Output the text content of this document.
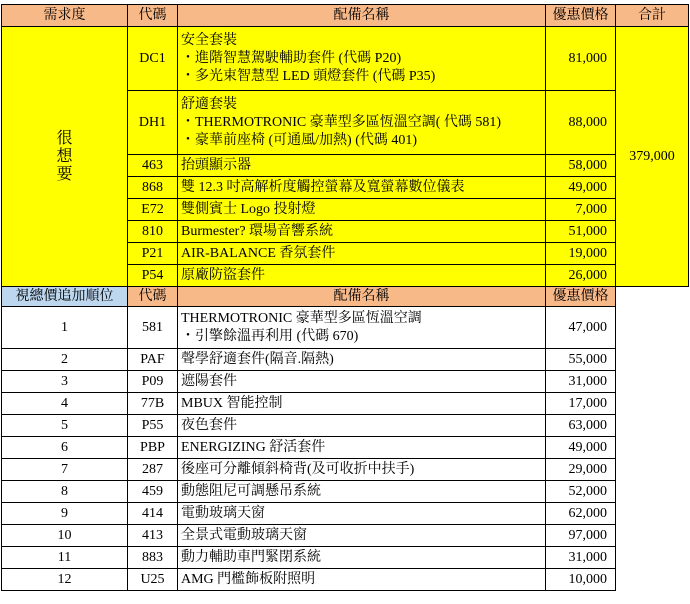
需求度	代碼	配備名稱	優惠價格	合計

很
想
要	DC1	安全套裝
・進階智慧駕駛輔助套件 (代碼 P20)
・多光束智慧型 LED 頭燈套件 (代碼 P35)	81,000	379,000
	DH1	舒適套裝
・THERMOTRONIC 豪華型多區恆溫空調( 代碼 581)
・豪華前座椅 (可通風/加熱) (代碼 401)	88,000	
	463	抬頭顯示器	58,000	
	868	雙 12.3 吋高解析度觸控螢幕及寬螢幕數位儀表	49,000	
	E72	雙側賓士 Logo 投射燈	7,000	
	810	Burmester? 環場音響系統	51,000	
	P21	AIR-BALANCE 香氛套件	19,000	
	P54	原廠防盜套件	26,000	
視總價追加順位	代碼	配備名稱	優惠價格	
1	581	THERMOTRONIC 豪華型多區恆溫空調
・引擎餘溫再利用 (代碼 670)	47,000	
2	PAF	聲學舒適套件(隔音.隔熱)	55,000	
3	P09	遮陽套件	31,000	
4	77B	MBUX 智能控制	17,000	
5	P55	夜色套件	63,000	
6	PBP	ENERGIZING 舒活套件	49,000	
7	287	後座可分離傾斜椅背(及可收折中扶手)	29,000	
8	459	動態阻尼可調懸吊系統	52,000	
9	414	電動玻璃天窗	62,000	
10	413	全景式電動玻璃天窗	97,000	
11	883	動力輔助車門緊閉系統	31,000	
12	U25	AMG 門檻飾板附照明	10,000	
